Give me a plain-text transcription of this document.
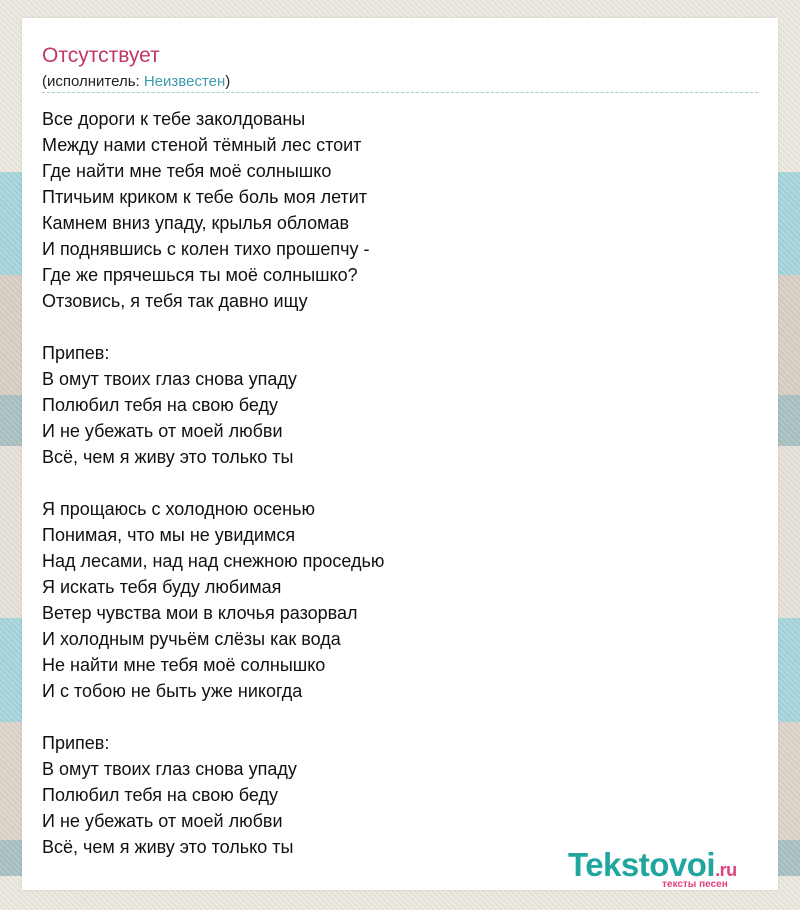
Отсутствует
(исполнитель: Неизвестен)
Все дороги к тебе заколдованы
Между нами стеной тёмный лес стоит
Где найти мне тебя моё солнышко
Птичьим криком к тебе боль моя летит
Камнем вниз упаду, крылья обломав
И поднявшись с колен тихо прошепчу -
Где же прячешься ты моё солнышко?
Отзовись, я тебя так давно ищу
Припев:
В омут твоих глаз снова упаду
Полюбил тебя на свою беду
И не убежать от моей любви
Всё, чем я живу это только ты
Я прощаюсь с холодною осенью
Понимая, что мы не увидимся
Над лесами, над над снежною проседью
Я искать тебя буду любимая
Ветер чувства мои в клочья разорвал
И холодным ручьём слёзы как вода
Не найти мне тебя моё солнышко
И с тобою не быть уже никогда
Припев:
В омут твоих глаз снова упаду
Полюбил тебя на свою беду
И не убежать от моей любви
Всё, чем я живу это только ты	Tekstovoi.ru
тексты песен
